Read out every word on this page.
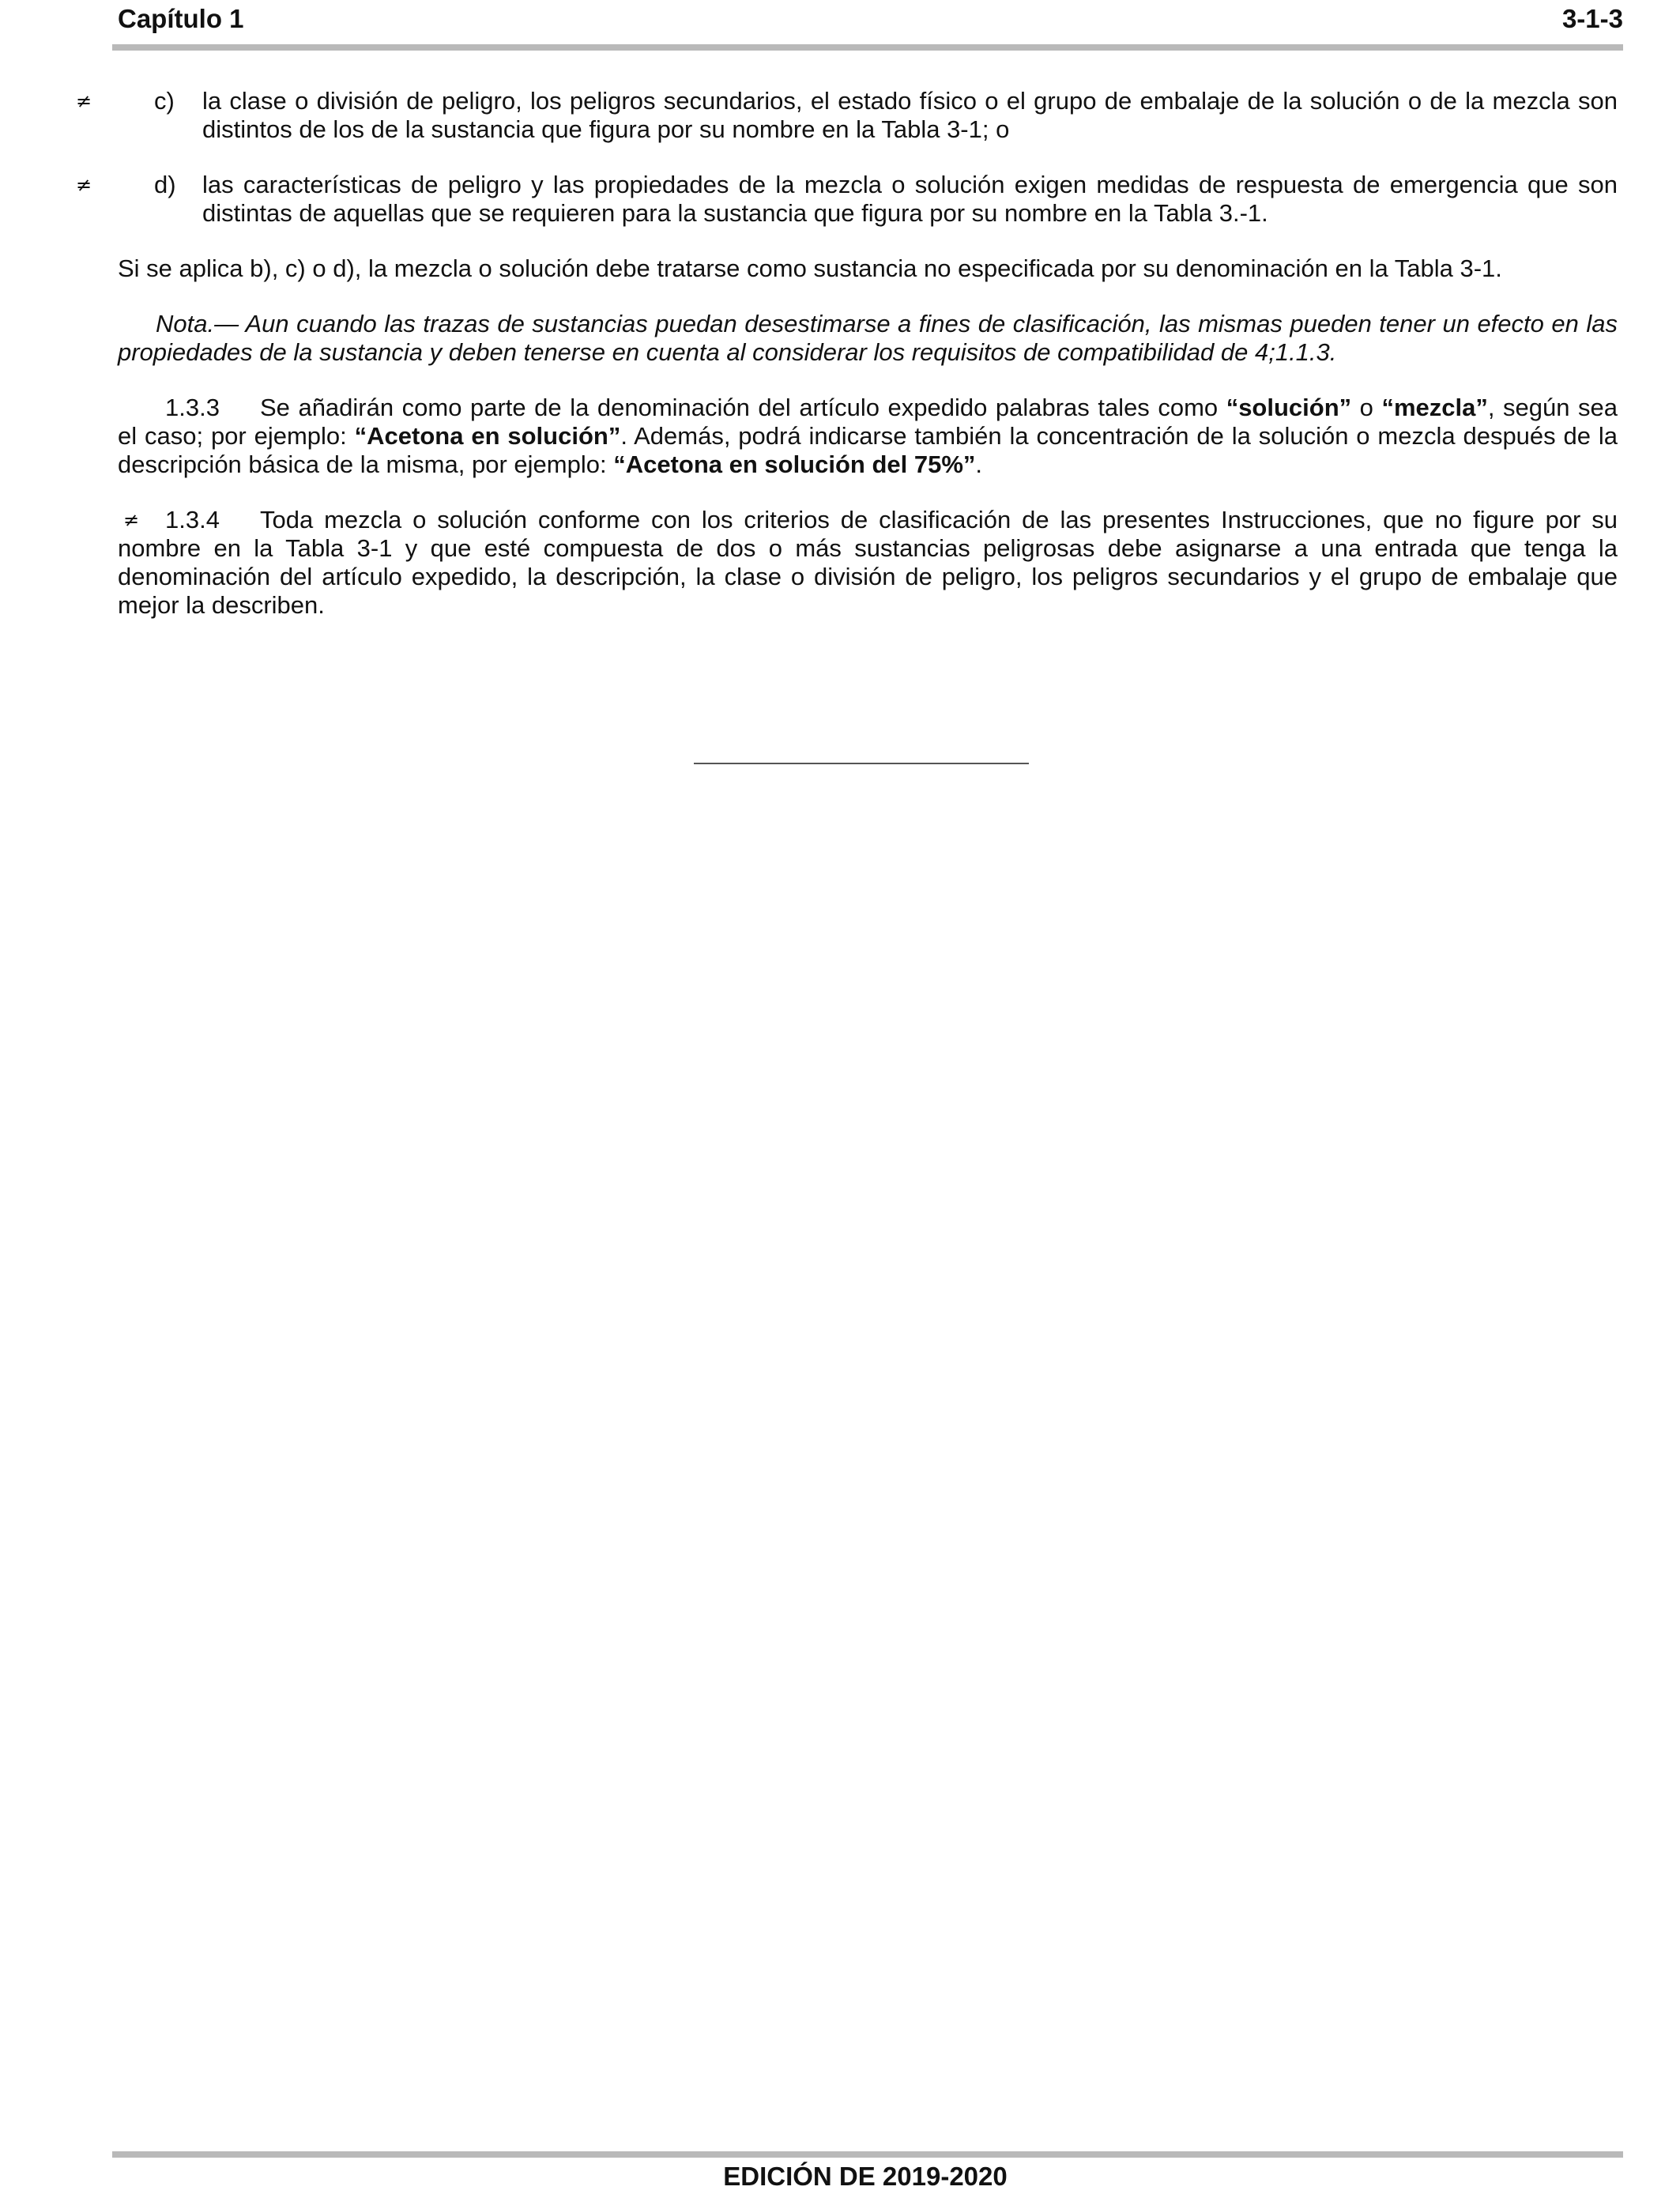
Capítulo 1	3-1-3
≠	c) la clase o división de peligro, los peligros secundarios, el estado físico o el grupo de embalaje de la solución o de la mezcla son distintos de los de la sustancia que figura por su nombre en la Tabla 3-1; o
≠	d) las características de peligro y las propiedades de la mezcla o solución exigen medidas de respuesta de emergencia que son distintas de aquellas que se requieren para la sustancia que figura por su nombre en la Tabla 3.-1.
Si se aplica b), c) o d), la mezcla o solución debe tratarse como sustancia no especificada por su denominación en la Tabla 3-1.
Nota.— Aun cuando las trazas de sustancias puedan desestimarse a fines de clasificación, las mismas pueden tener un efecto en las propiedades de la sustancia y deben tenerse en cuenta al considerar los requisitos de compatibilidad de 4;1.1.3.
1.3.3 Se añadirán como parte de la denominación del artículo expedido palabras tales como “solución” o “mezcla”, según sea el caso; por ejemplo: “Acetona en solución”. Además, podrá indicarse también la concentración de la solución o mezcla después de la descripción básica de la misma, por ejemplo: “Acetona en solución del 75%”.
≠ 1.3.4 Toda mezcla o solución conforme con los criterios de clasificación de las presentes Instrucciones, que no figure por su nombre en la Tabla 3-1 y que esté compuesta de dos o más sustancias peligrosas debe asignarse a una entrada que tenga la denominación del artículo expedido, la descripción, la clase o división de peligro, los peligros secundarios y el grupo de embalaje que mejor la describen.
EDICIÓN DE 2019-2020
